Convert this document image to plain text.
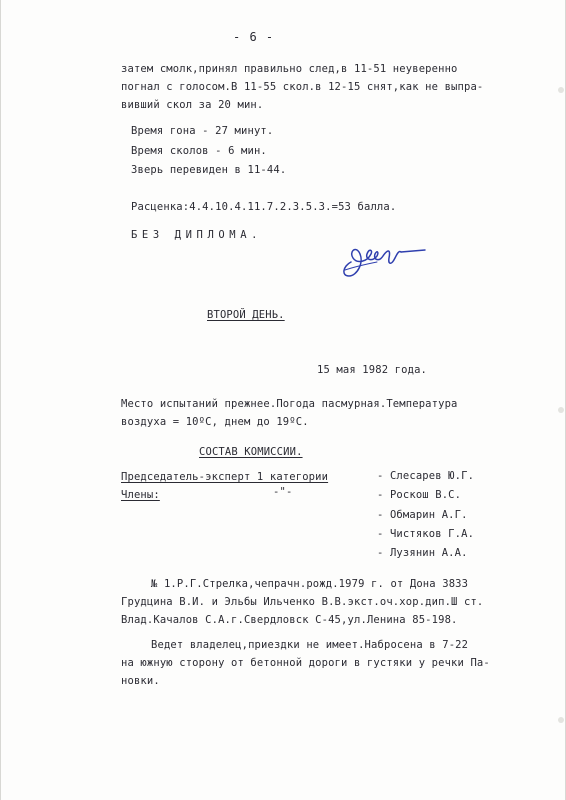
- 6 -
затем смолк,принял правильно след,в 11-51 неуверенно
погнал с голосом.В 11-55 скол.в 12-15 снят,как не выпра-
вивший скол за 20 мин.
Время гона - 27 минут.
Время сколов - 6 мин.
Зверь перевиден в 11-44.
Расценка:4.4.10.4.11.7.2.3.5.3.=53 балла.
БЕЗ ДИПЛОМА.
ВТОРОЙ ДЕНЬ.
15 мая 1982 года.
Место испытаний прежнее.Погода пасмурная.Температура
воздуха = 10ºС, днем до 19ºС.
СОСТАВ КОМИССИИ.
Председатель-эксперт 1 категории
Члены:	-"-
- Слесарев Ю.Г.
- Роскош В.С.
- Обмарин А.Г.
- Чистяков Г.А.
- Лузянин А.А.
№ 1.Р.Г.Стрелка,чепрачн.рожд.1979 г. от Дона 3833
Грудцина В.И. и Эльбы Ильченко В.В.экст.оч.хор.дип.Ш ст.
Влад.Качалов С.А.г.Свердловск С-45,ул.Ленина 85-198.
Ведет владелец,приездки не имеет.Набросена в 7-22
на южную сторону от бетонной дороги в густяки у речки Па-
новки.
